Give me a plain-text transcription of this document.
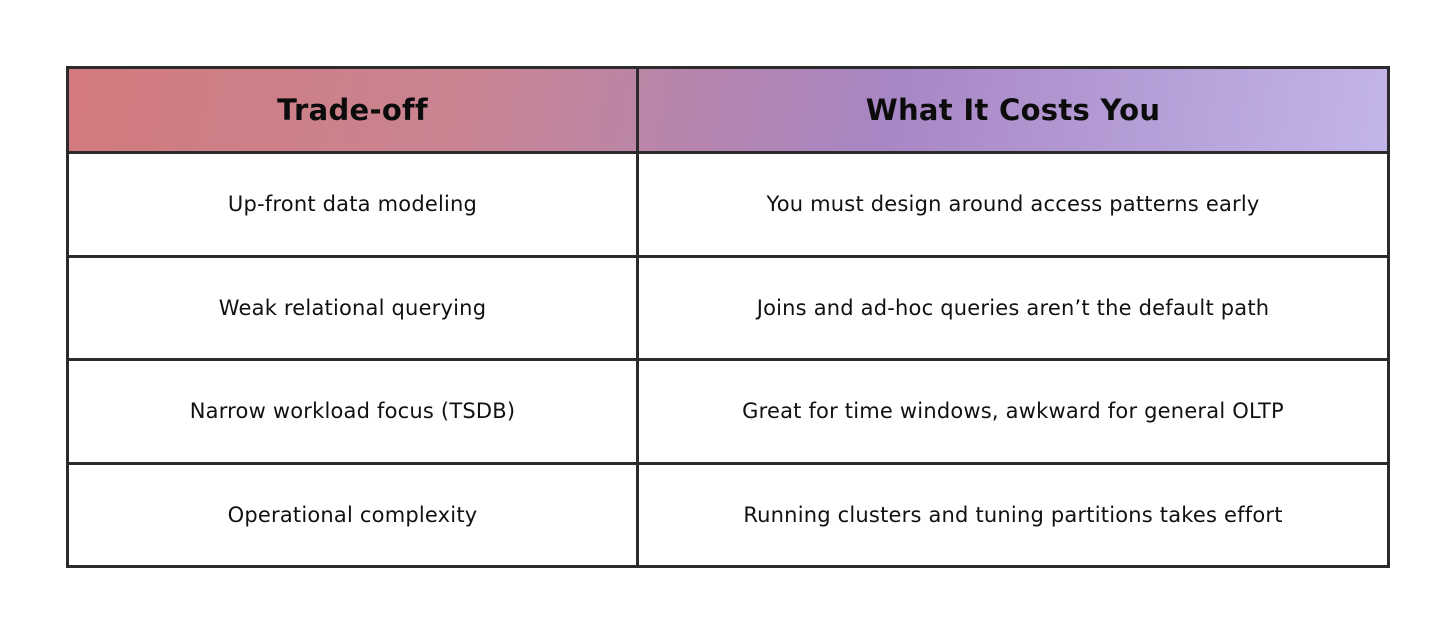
Trade-off	What It Costs You
Up-front data modeling	You must design around access patterns early
Weak relational querying	Joins and ad-hoc queries aren’t the default path
Narrow workload focus (TSDB)	Great for time windows, awkward for general OLTP
Operational complexity	Running clusters and tuning partitions takes effort
